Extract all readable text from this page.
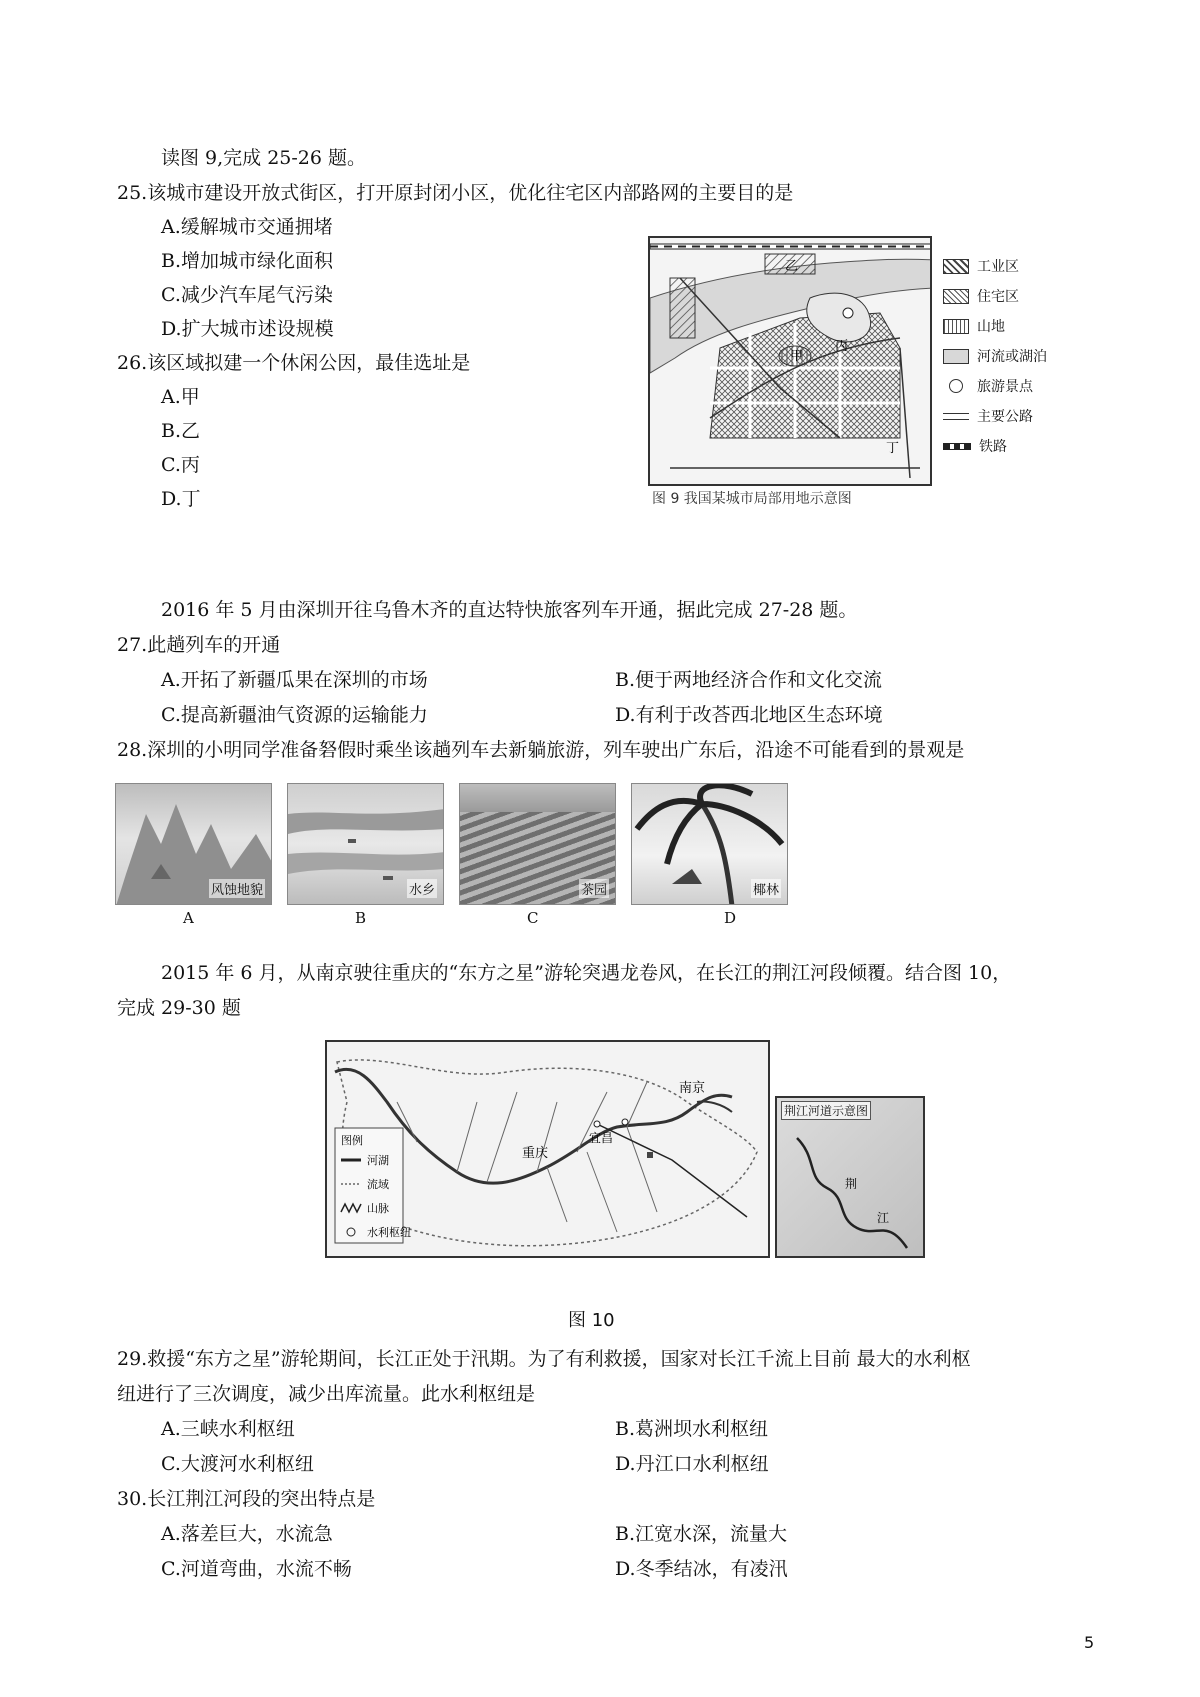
读图 9,完成 25-26 题。
25.该城市建设开放式街区，打开原封闭小区，优化往宅区内部路网的主要目的是
A.缓解城市交通拥堵
B.增加城市绿化面积
C.减少汽车尾气污染
D.扩大城市述设规模
26.该区域拟建一个休闲公因，最佳选址是
A.甲
B.乙
C.丙
D.丁
乙
甲
丙
丁
工业区
住宅区
山地
河流或湖泊
旅游景点
主要公路
铁路
图 9 我国某城市局部用地示意图
2016 年 5 月由深圳开往乌鲁木齐的直达特快旅客列车开通，据此完成 27-28 题。
27.此趟列车的开通
A.开拓了新疆瓜果在深圳的市场	B.便于两地经济合作和文化交流
C.提高新疆油气资源的运输能力	D.有利于改荅西北地区生态环境
28.深圳的小明同学准备砮假时乘坐该趟列车去新躺旅游，列车驶出广东后，沿途不可能看到的景观是
风蚀地貌	水乡	茶园	椰林
A	B	C	D
2015 年 6 月，从南京驶往重庆的“东方之星”游轮突遇龙卷风，在长江的荆江河段倾覆。结合图 10，
完成 29-30 题
南京
重庆
宜昌
图例
河湖
流域
山脉
水利枢纽
荆江河道示意图
荆
江
图 10
29.救援“东方之星”游轮期间，长江正处于汛期。为了有利救援，国家对长江千流上目前 最大的水利枢
纽进行了三次调度，减少出库流量。此水利枢纽是
A.三峡水利枢纽	B.葛洲坝水利枢纽
C.大渡河水利枢纽	D.丹江口水利枢纽
30.长江荆江河段的突出特点是
A.落差巨大，水流急	B.江宽水深，流量大
C.河道弯曲，水流不畅	D.冬季结冰，有凌汛
5
